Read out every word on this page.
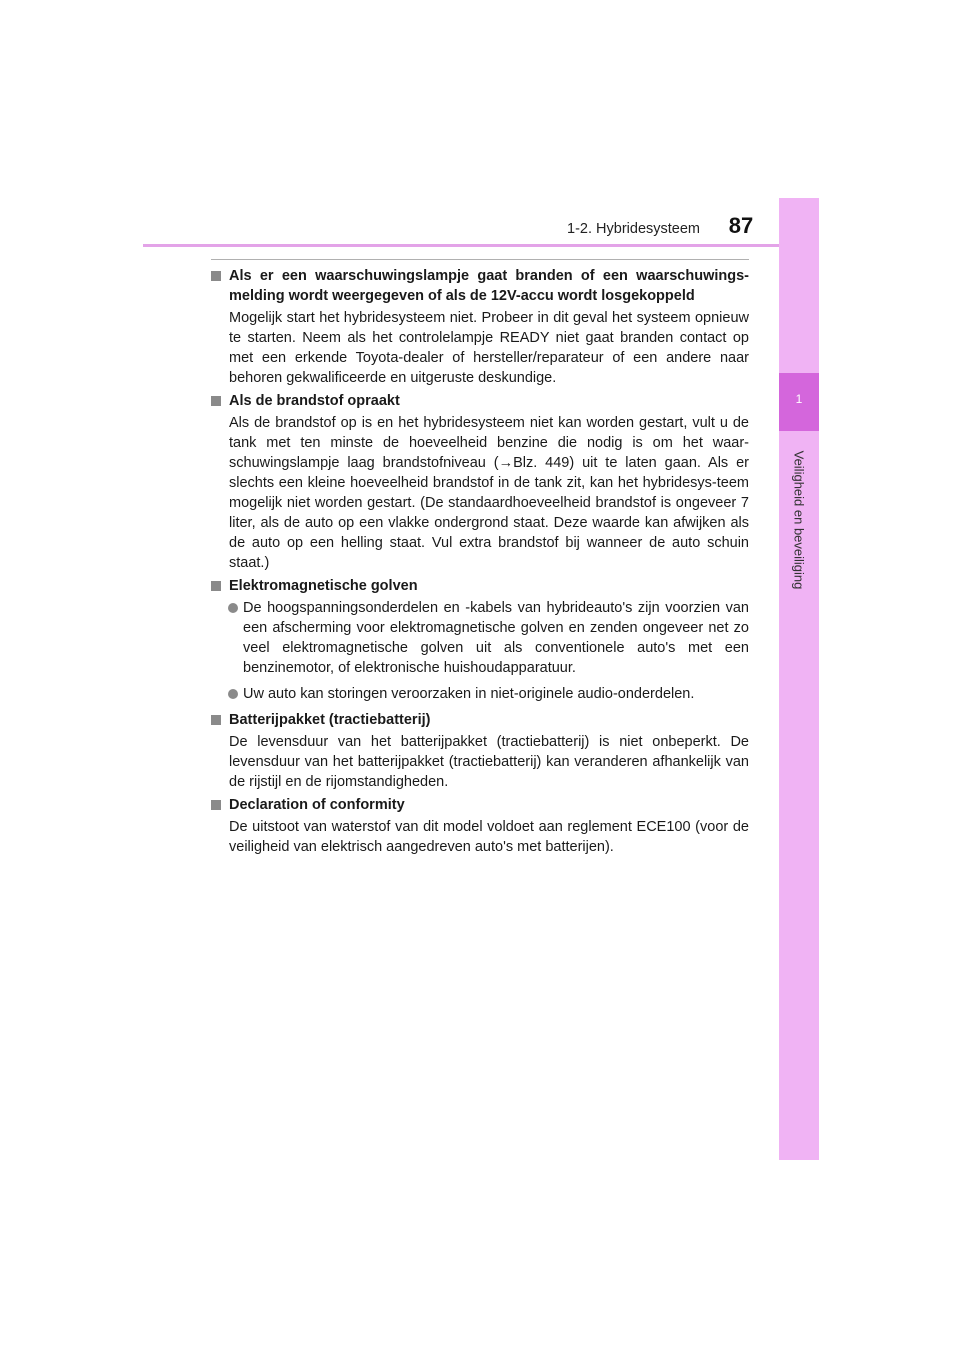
1-2. Hybridesysteem	87
1
Veiligheid en beveiliging
Als er een waarschuwingslampje gaat branden of een waarschuwings-melding wordt weergegeven of als de 12V-accu wordt losgekoppeld
Mogelijk start het hybridesysteem niet. Probeer in dit geval het systeem opnieuw te starten. Neem als het controlelampje READY niet gaat branden contact op met een erkende Toyota-dealer of hersteller/reparateur of een andere naar behoren gekwalificeerde en uitgeruste deskundige.
Als de brandstof opraakt
Als de brandstof op is en het hybridesysteem niet kan worden gestart, vult u de tank met ten minste de hoeveelheid benzine die nodig is om het waar-schuwingslampje laag brandstofniveau (→Blz. 449) uit te laten gaan. Als er slechts een kleine hoeveelheid brandstof in de tank zit, kan het hybridesys-teem mogelijk niet worden gestart. (De standaardhoeveelheid brandstof is ongeveer 7 liter, als de auto op een vlakke ondergrond staat. Deze waarde kan afwijken als de auto op een helling staat. Vul extra brandstof bij wanneer de auto schuin staat.)
Elektromagnetische golven
De hoogspanningsonderdelen en -kabels van hybrideauto's zijn voorzien van een afscherming voor elektromagnetische golven en zenden ongeveer net zo veel elektromagnetische golven uit als conventionele auto's met een benzinemotor, of elektronische huishoudapparatuur.
Uw auto kan storingen veroorzaken in niet-originele audio-onderdelen.
Batterijpakket (tractiebatterij)
De levensduur van het batterijpakket (tractiebatterij) is niet onbeperkt. De levensduur van het batterijpakket (tractiebatterij) kan veranderen afhankelijk van de rijstijl en de rijomstandigheden.
Declaration of conformity
De uitstoot van waterstof van dit model voldoet aan reglement ECE100 (voor de veiligheid van elektrisch aangedreven auto's met batterijen).
